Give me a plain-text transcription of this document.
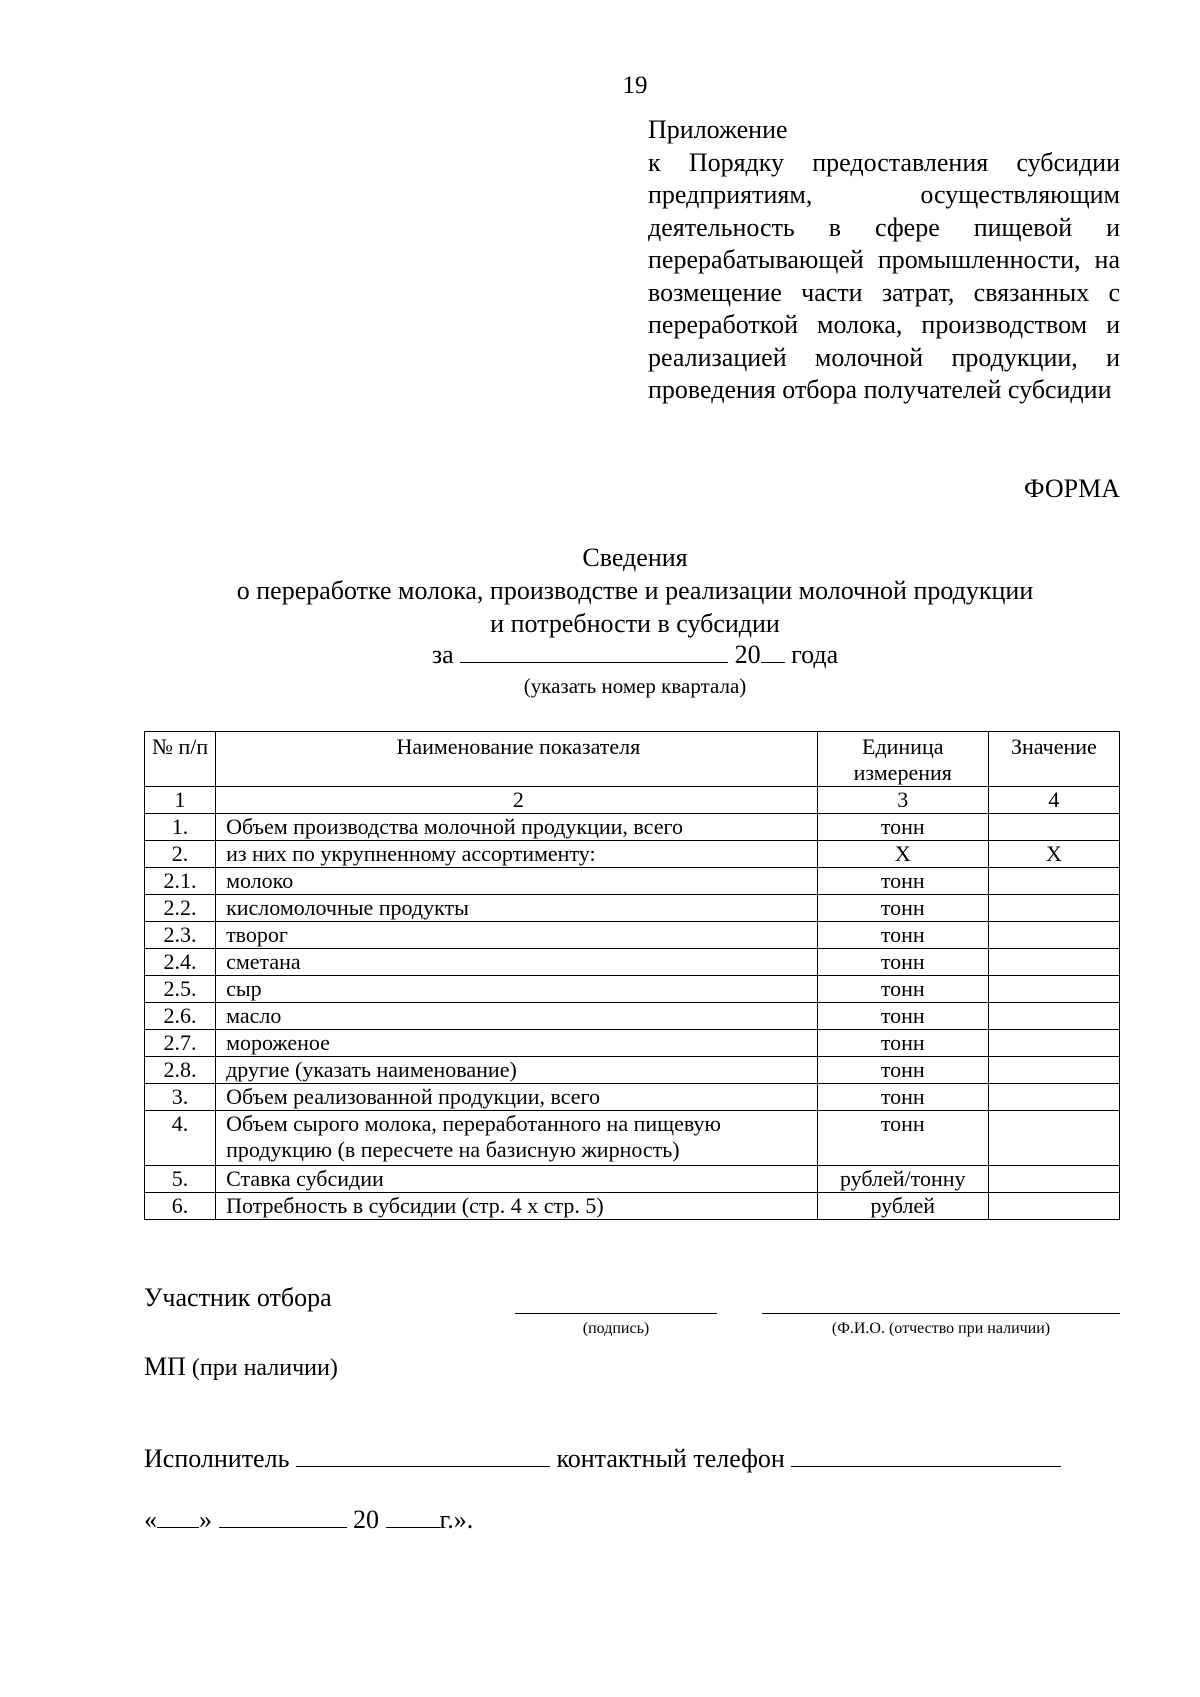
19
Приложение
к Порядку предоставления субсидии предприятиям, осуществляющим деятельность в сфере пищевой и перерабатывающей промышленности, на возмещение части затрат, связанных с переработкой молока, производством и реализацией молочной продукции, и проведения отбора получателей субсидии
ФОРМА
Сведения
о переработке молока, производстве и реализации молочной продукции
и потребности в субсидии
за	20 года
(указать номер квартала)
№ п/п	Наименование показателя	Единица измерения	Значение
1	2	3	4
1.	Объем производства молочной продукции, всего	тонн	
2.	из них по укрупненному ассортименту:	Х	Х
2.1.	молоко	тонн	
2.2.	кисломолочные продукты	тонн	
2.3.	творог	тонн	
2.4.	сметана	тонн	
2.5.	сыр	тонн	
2.6.	масло	тонн	
2.7.	мороженое	тонн	
2.8.	другие (указать наименование)	тонн	
3.	Объем реализованной продукции, всего	тонн	
4.	Объем сырого молока, переработанного на пищевую продукцию (в пересчете на базисную жирность)	тонн	
5.	Ставка субсидии	рублей/тонну	
6.	Потребность в субсидии (стр. 4 х стр. 5)	рублей	
Участник отбора
(подпись)	(Ф.И.О. (отчество при наличии)
МП (при наличии)
Исполнитель	контактный телефон
« »	20 г.».
